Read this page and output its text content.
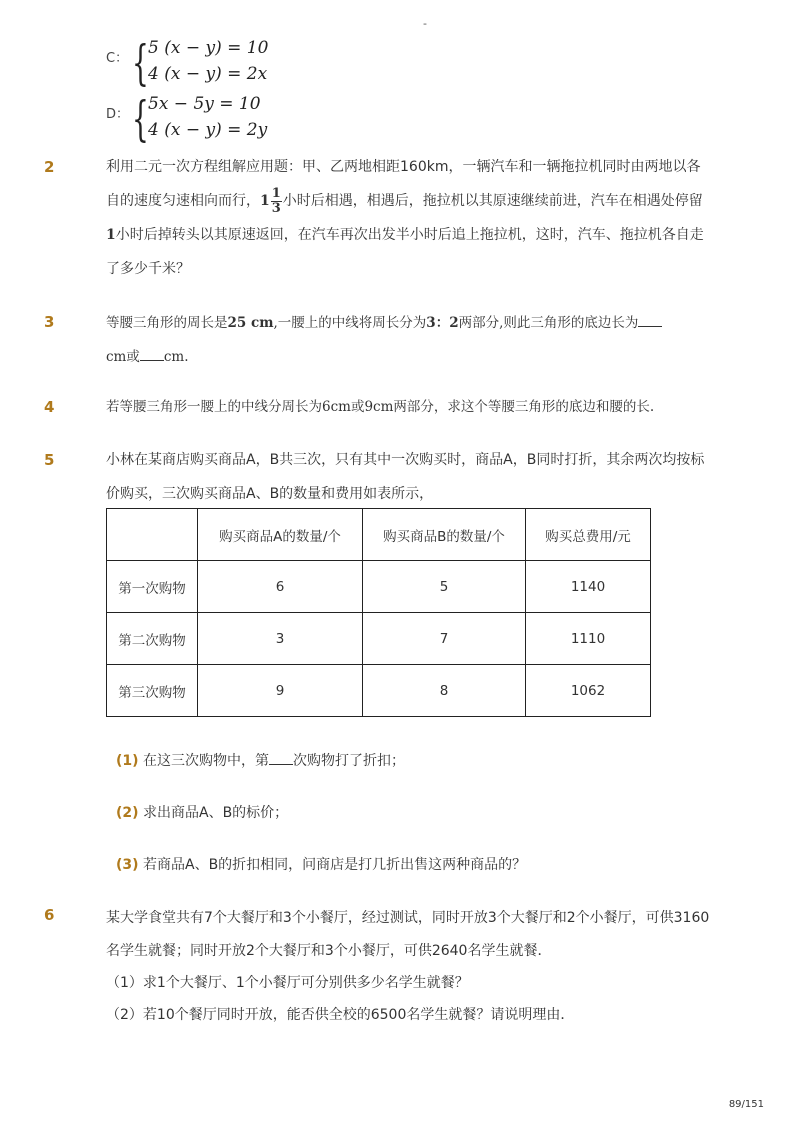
-
C： { 5 (x − y) = 10
4 (x − y) = 2x
D： { 5x − 5y = 10
4 (x − y) = 2y
2	利用二元一次方程组解应用题：甲、乙两地相距160km，一辆汽车和一辆拖拉机同时由两地以各
自的速度匀速相向而行，$1 \frac{1}{3}$ 小时后相遇，相遇后，拖拉机以其原速继续前进，汽车在相遇处停留
1小时后掉转头以其原速返回，在汽车再次出发半小时后追上拖拉机，这时，汽车、拖拉机各自走
了多少千米？
3	等腰三角形的周长是25 cm,一腰上的中线将周长分为3：2两部分,则此三角形的底边长为
cm或 cm.
4	若等腰三角形一腰上的中线分周长为6cm或9cm两部分，求这个等腰三角形的底边和腰的长.
5	小林在某商店购买商品A，B共三次，只有其中一次购买时，商品A，B同时打折，其余两次均按标
价购买，三次购买商品A、B的数量和费用如表所示，
	购买商品A的数量/个	购买商品B的数量/个	购买总费用/元
第一次购物	6	5	1140
第二次购物	3	7	1110
第三次购物	9	8	1062
(1) 在这三次购物中，第 次购物打了折扣；
(2) 求出商品A、B的标价；
(3) 若商品A、B的折扣相同，问商店是打几折出售这两种商品的？
6	某大学食堂共有7个大餐厅和3个小餐厅，经过测试，同时开放3个大餐厅和2个小餐厅，可供3160
名学生就餐；同时开放2个大餐厅和3个小餐厅，可供2640名学生就餐．
（1）求1个大餐厅、1个小餐厅可分别供多少名学生就餐？
（2）若10个餐厅同时开放，能否供全校的6500名学生就餐？请说明理由．
89/151
